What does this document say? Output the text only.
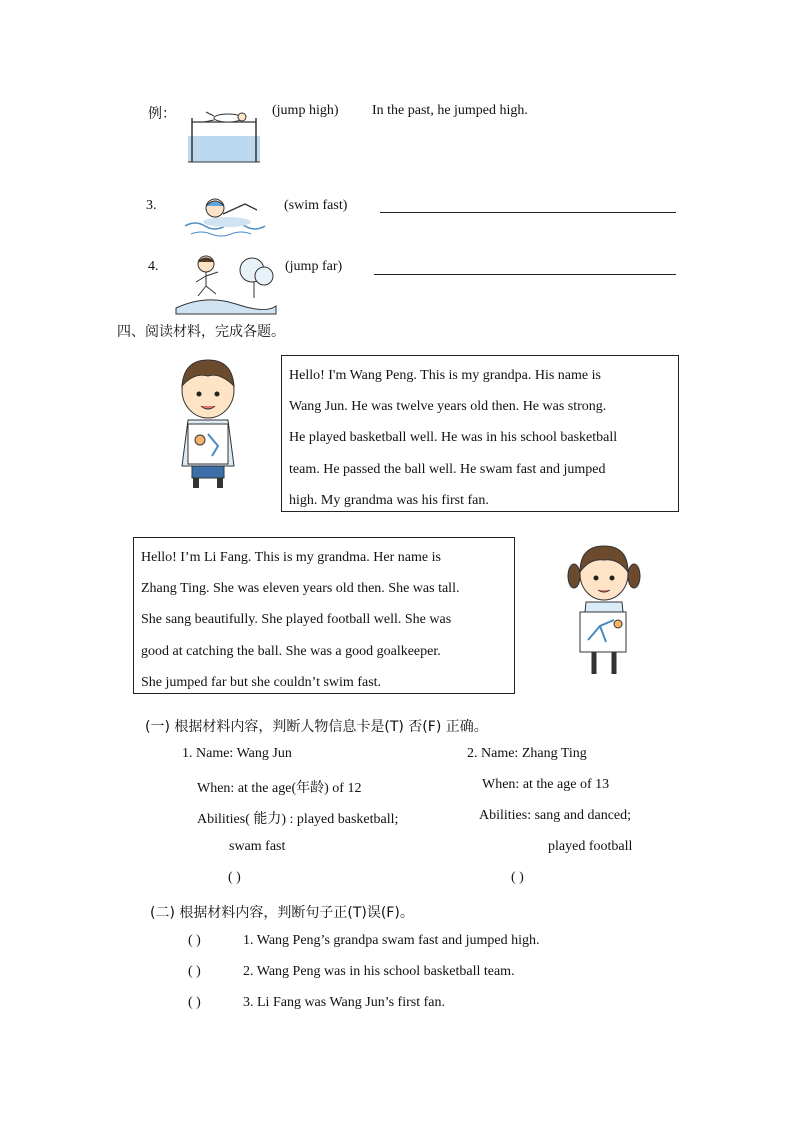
例：	(jump high) In the past, he jumped high.
3.	(swim fast)
4.	(jump far)
四、阅读材料，完成各题。

Hello! I'm Wang Peng. This is my grandpa. His name is

Wang Jun. He was twelve years old then. He was strong.

He played basketball well. He was in his school basketball

team. He passed the ball well. He swam fast and jumped

high. My grandma was his first fan.

Hello! I’m Li Fang. This is my grandma. Her name is

Zhang Ting. She was eleven years old then. She was tall.

She sang beautifully. She played football well. She was

good at catching the ball. She was a good goalkeeper.

She jumped far but she couldn’t swim fast.

(一) 根据材料内容，判断人物信息卡是(T) 否(F) 正确。
1. Name: Wang Jun
When: at the age(年龄) of 12
Abilities( 能力) : played basketball;
swam fast
( )
2. Name: Zhang Ting
When: at the age of 13
Abilities: sang and danced;
played football
( )
(二) 根据材料内容，判断句子正(T)误(F)。
( )	1. Wang Peng’s grandpa swam fast and jumped high.
( )	2. Wang Peng was in his school basketball team.
( )	3. Li Fang was Wang Jun’s first fan.
